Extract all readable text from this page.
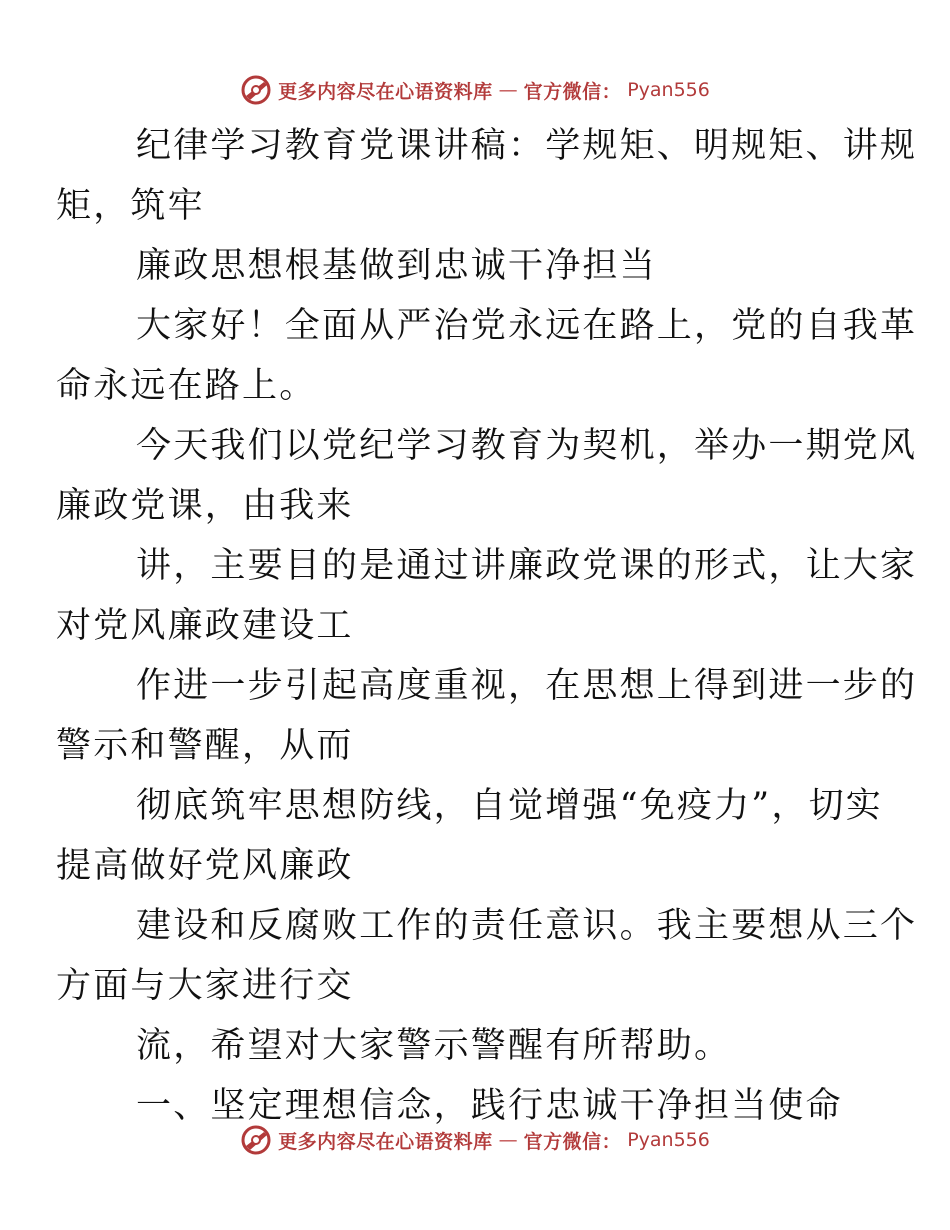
更多内容尽在心语资料库 — 官方微信： Pyan556

纪律学习教育党课讲稿：学规矩、明规矩、讲规
矩，筑牢

廉政思想根基做到忠诚干净担当

大家好！全面从严治党永远在路上，党的自我革
命永远在路上。

今天我们以党纪学习教育为契机，举办一期党风
廉政党课，由我来

讲，主要目的是通过讲廉政党课的形式，让大家
对党风廉政建设工

作进一步引起高度重视，在思想上得到进一步的
警示和警醒，从而

彻底筑牢思想防线，自觉增强“免疫力”，切实
提高做好党风廉政

建设和反腐败工作的责任意识。我主要想从三个
方面与大家进行交

流，希望对大家警示警醒有所帮助。

一、坚定理想信念，践行忠诚干净担当使命

更多内容尽在心语资料库 — 官方微信： Pyan556
